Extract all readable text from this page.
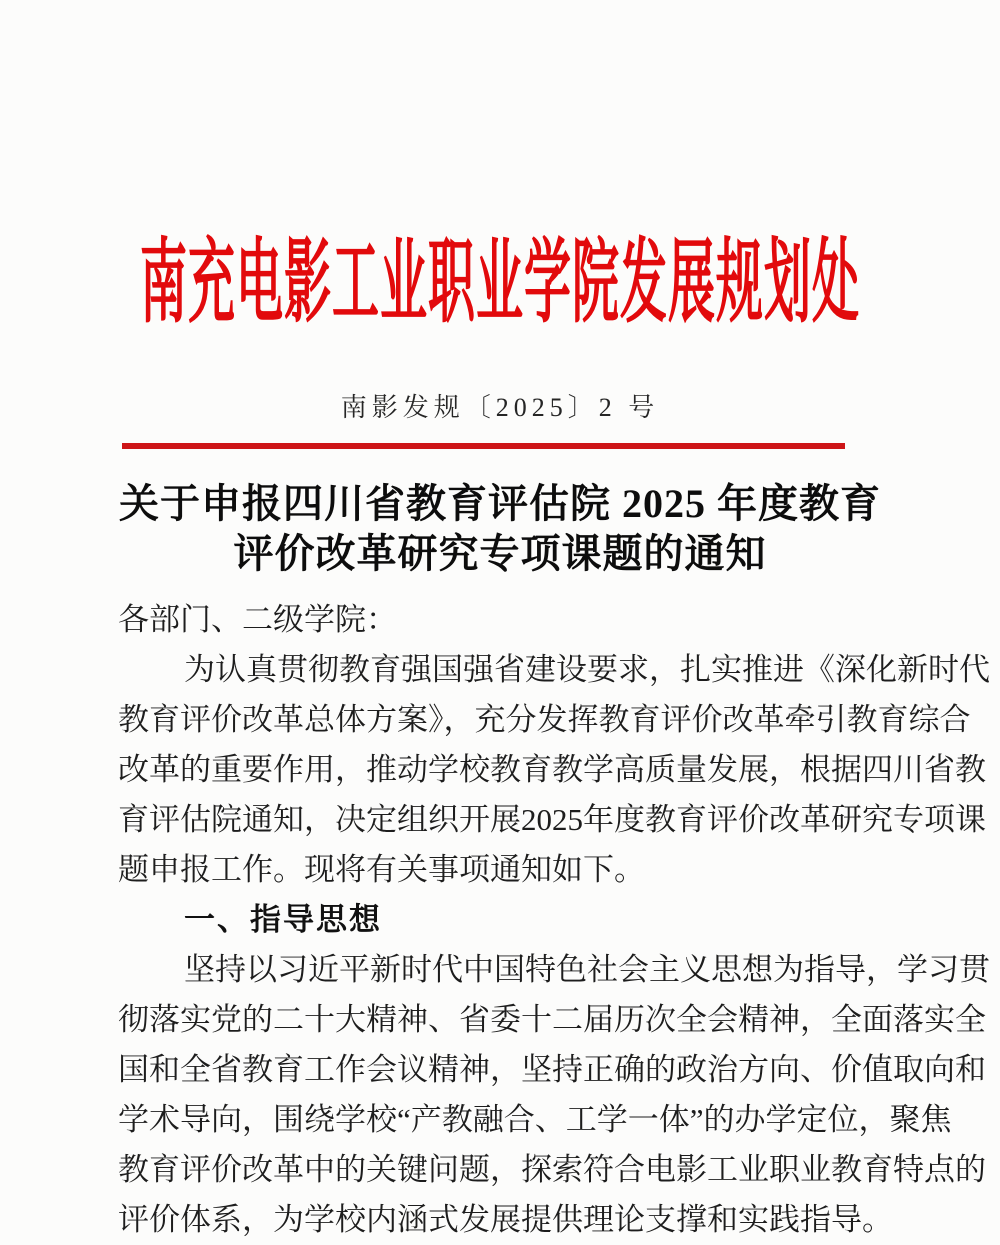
南充电影工业职业学院发展规划处
南影发规〔2025〕2 号
关于申报四川省教育评估院 2025 年度教育
评价改革研究专项课题的通知
各部门、二级学院：
为认真贯彻教育强国强省建设要求，扎实推进《深化新时代
教育评价改革总体方案》，充分发挥教育评价改革牵引教育综合
改革的重要作用，推动学校教育教学高质量发展，根据四川省教
育评估院通知，决定组织开展2025年度教育评价改革研究专项课
题申报工作。现将有关事项通知如下。
一、指导思想
坚持以习近平新时代中国特色社会主义思想为指导，学习贯
彻落实党的二十大精神、省委十二届历次全会精神，全面落实全
国和全省教育工作会议精神，坚持正确的政治方向、价值取向和
学术导向，围绕学校“产教融合、工学一体”的办学定位，聚焦
教育评价改革中的关键问题，探索符合电影工业职业教育特点的
评价体系，为学校内涵式发展提供理论支撑和实践指导。
